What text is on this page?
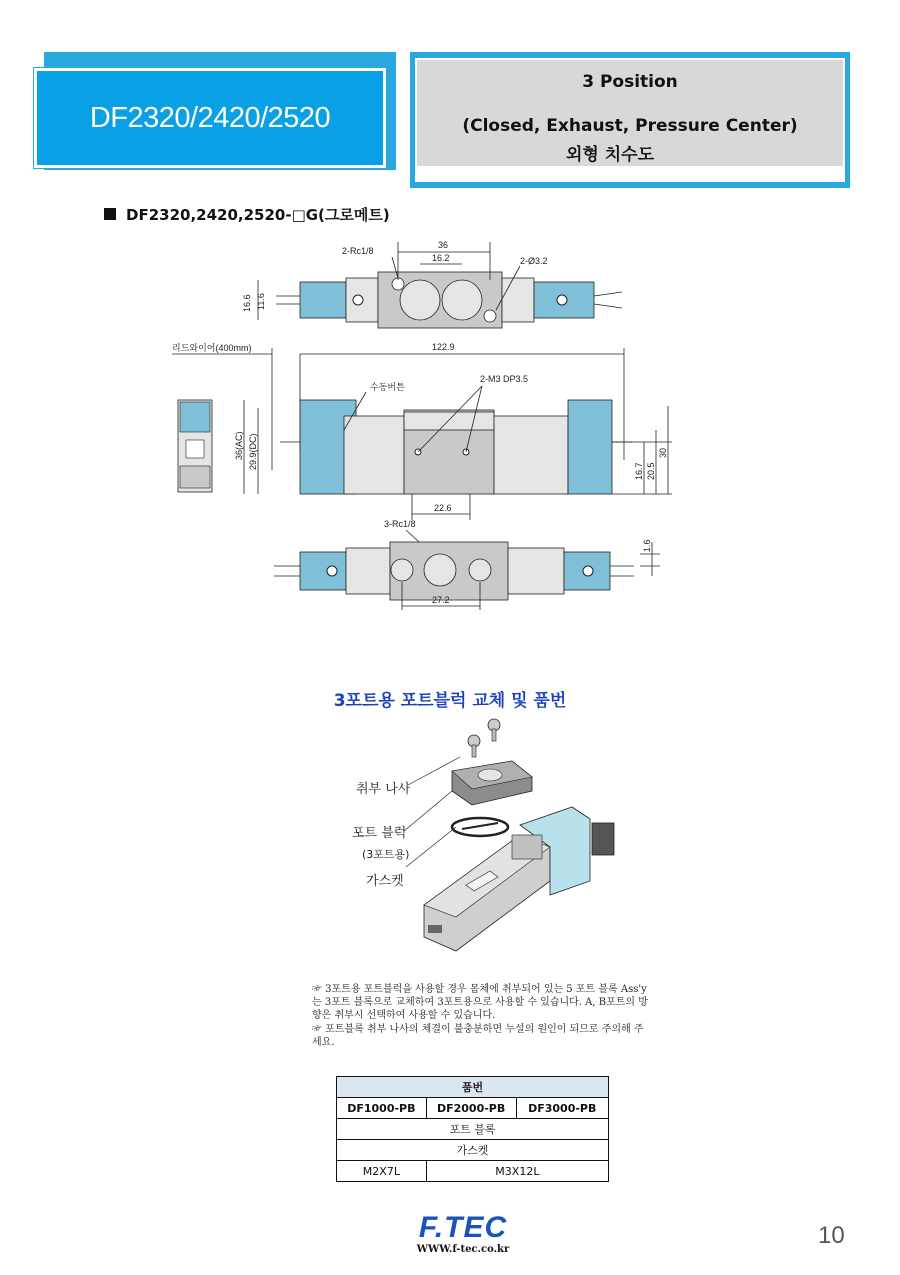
DF2320/2420/2520
3 Position
(Closed, Exhaust, Pressure Center)
외형 치수도
DF2320,2420,2520-□G(그로메트)
36
16.2
2-Rc1/8
2-Ø3.2
16.6 11.6
리드와이어(400mm)	122.9
수동버튼
2-M3 DP3.5
36(AC) 29.9(DC)
16.7 20.5
30
22.6
3-Rc1/8
1.6
27.2
3포트용 포트블럭 교체 및 품번
취부 나사
포트 블럭
(3포트용)
가스켓

☞ 3포트용 포트블럭을 사용할 경우 몸체에 취부되어 있는 5 포트 블록 Ass'y는 3포트 블록으로 교체하여 3포트용으로 사용할 수 있습니다. A, B포트의 방향은 취부시 선택하여 사용할 수 있습니다.

☞ 포트블록 취부 나사의 체결이 불충분하면 누설의 원인이 되므로 주의해 주세요.

품번		
DF1000-PB	DF2000-PB	DF3000-PB
포트 블록		
가스켓		
M2X7L	M3X12L	
F.TEC
WWW.f-tec.co.kr
10
